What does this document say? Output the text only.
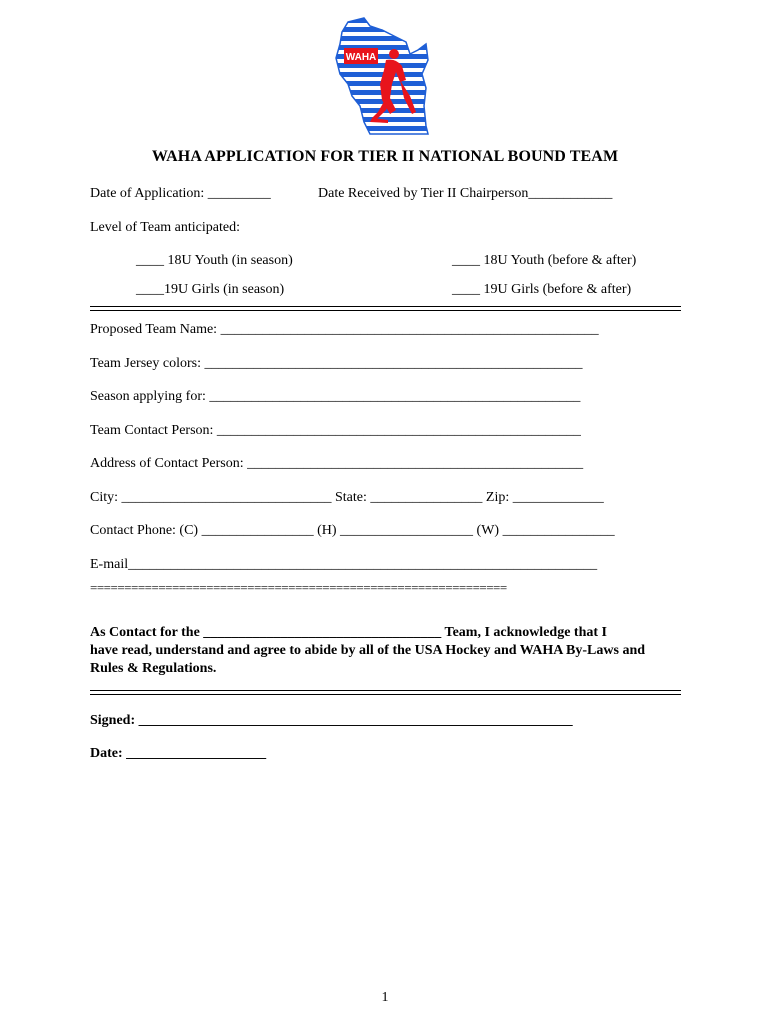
WAHA
WAHA APPLICATION FOR TIER II NATIONAL BOUND TEAM
Date of Application: _________	Date Received by Tier II Chairperson____________
Level of Team anticipated:
____ 18U Youth (in season)	____ 18U Youth (before & after)
____19U Girls (in season)	____ 19U Girls (before & after)
Proposed Team Name: ______________________________________________________
Team Jersey colors: ______________________________________________________
Season applying for: _____________________________________________________
Team Contact Person: ____________________________________________________
Address of Contact Person: ________________________________________________
City: ______________________________ State: ________________ Zip: _____________
Contact Phone: (C) ________________ (H) ___________________ (W) ________________
E-mail___________________________________________________________________
=============================================================
As Contact for the __________________________________ Team, I acknowledge that I
have read, understand and agree to abide by all of the USA Hockey and WAHA By-Laws and Rules & Regulations.
Signed: ______________________________________________________________
Date: ____________________
1
